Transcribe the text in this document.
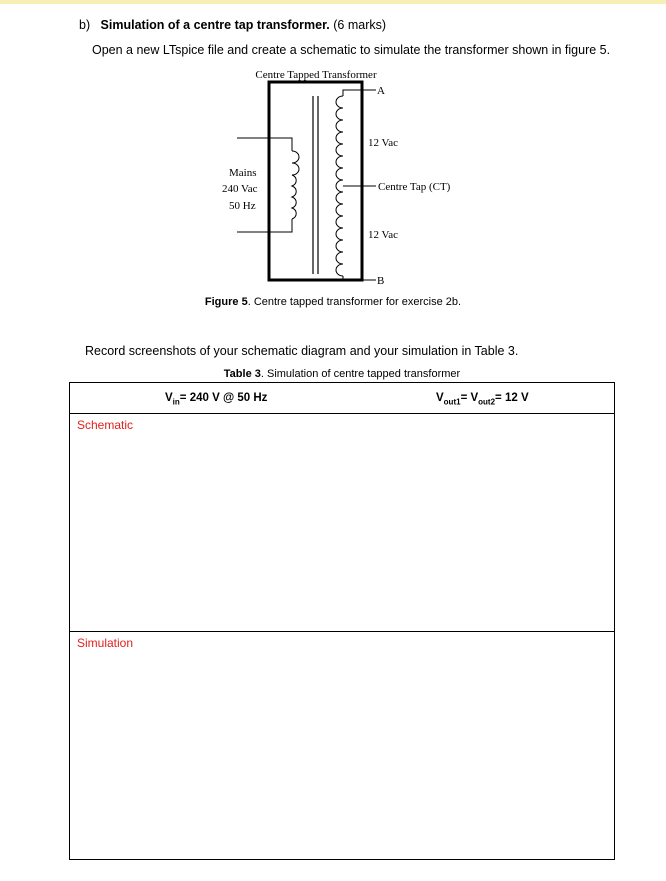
b) Simulation of a centre tap transformer. (6 marks)
Open a new LTspice file and create a schematic to simulate the transformer shown in figure 5.
Centre Tapped Transformer
A
B
12 Vac
12 Vac
Centre Tap (CT)
Mains
240 Vac
50 Hz
Figure 5. Centre tapped transformer for exercise 2b.
Record screenshots of your schematic diagram and your simulation in Table 3.
Table 3. Simulation of centre tapped transformer
$V_{in}= 240$ V @ 50 Hz	$V_{out1}= V_{out2}= 12$ V
Schematic
Simulation
